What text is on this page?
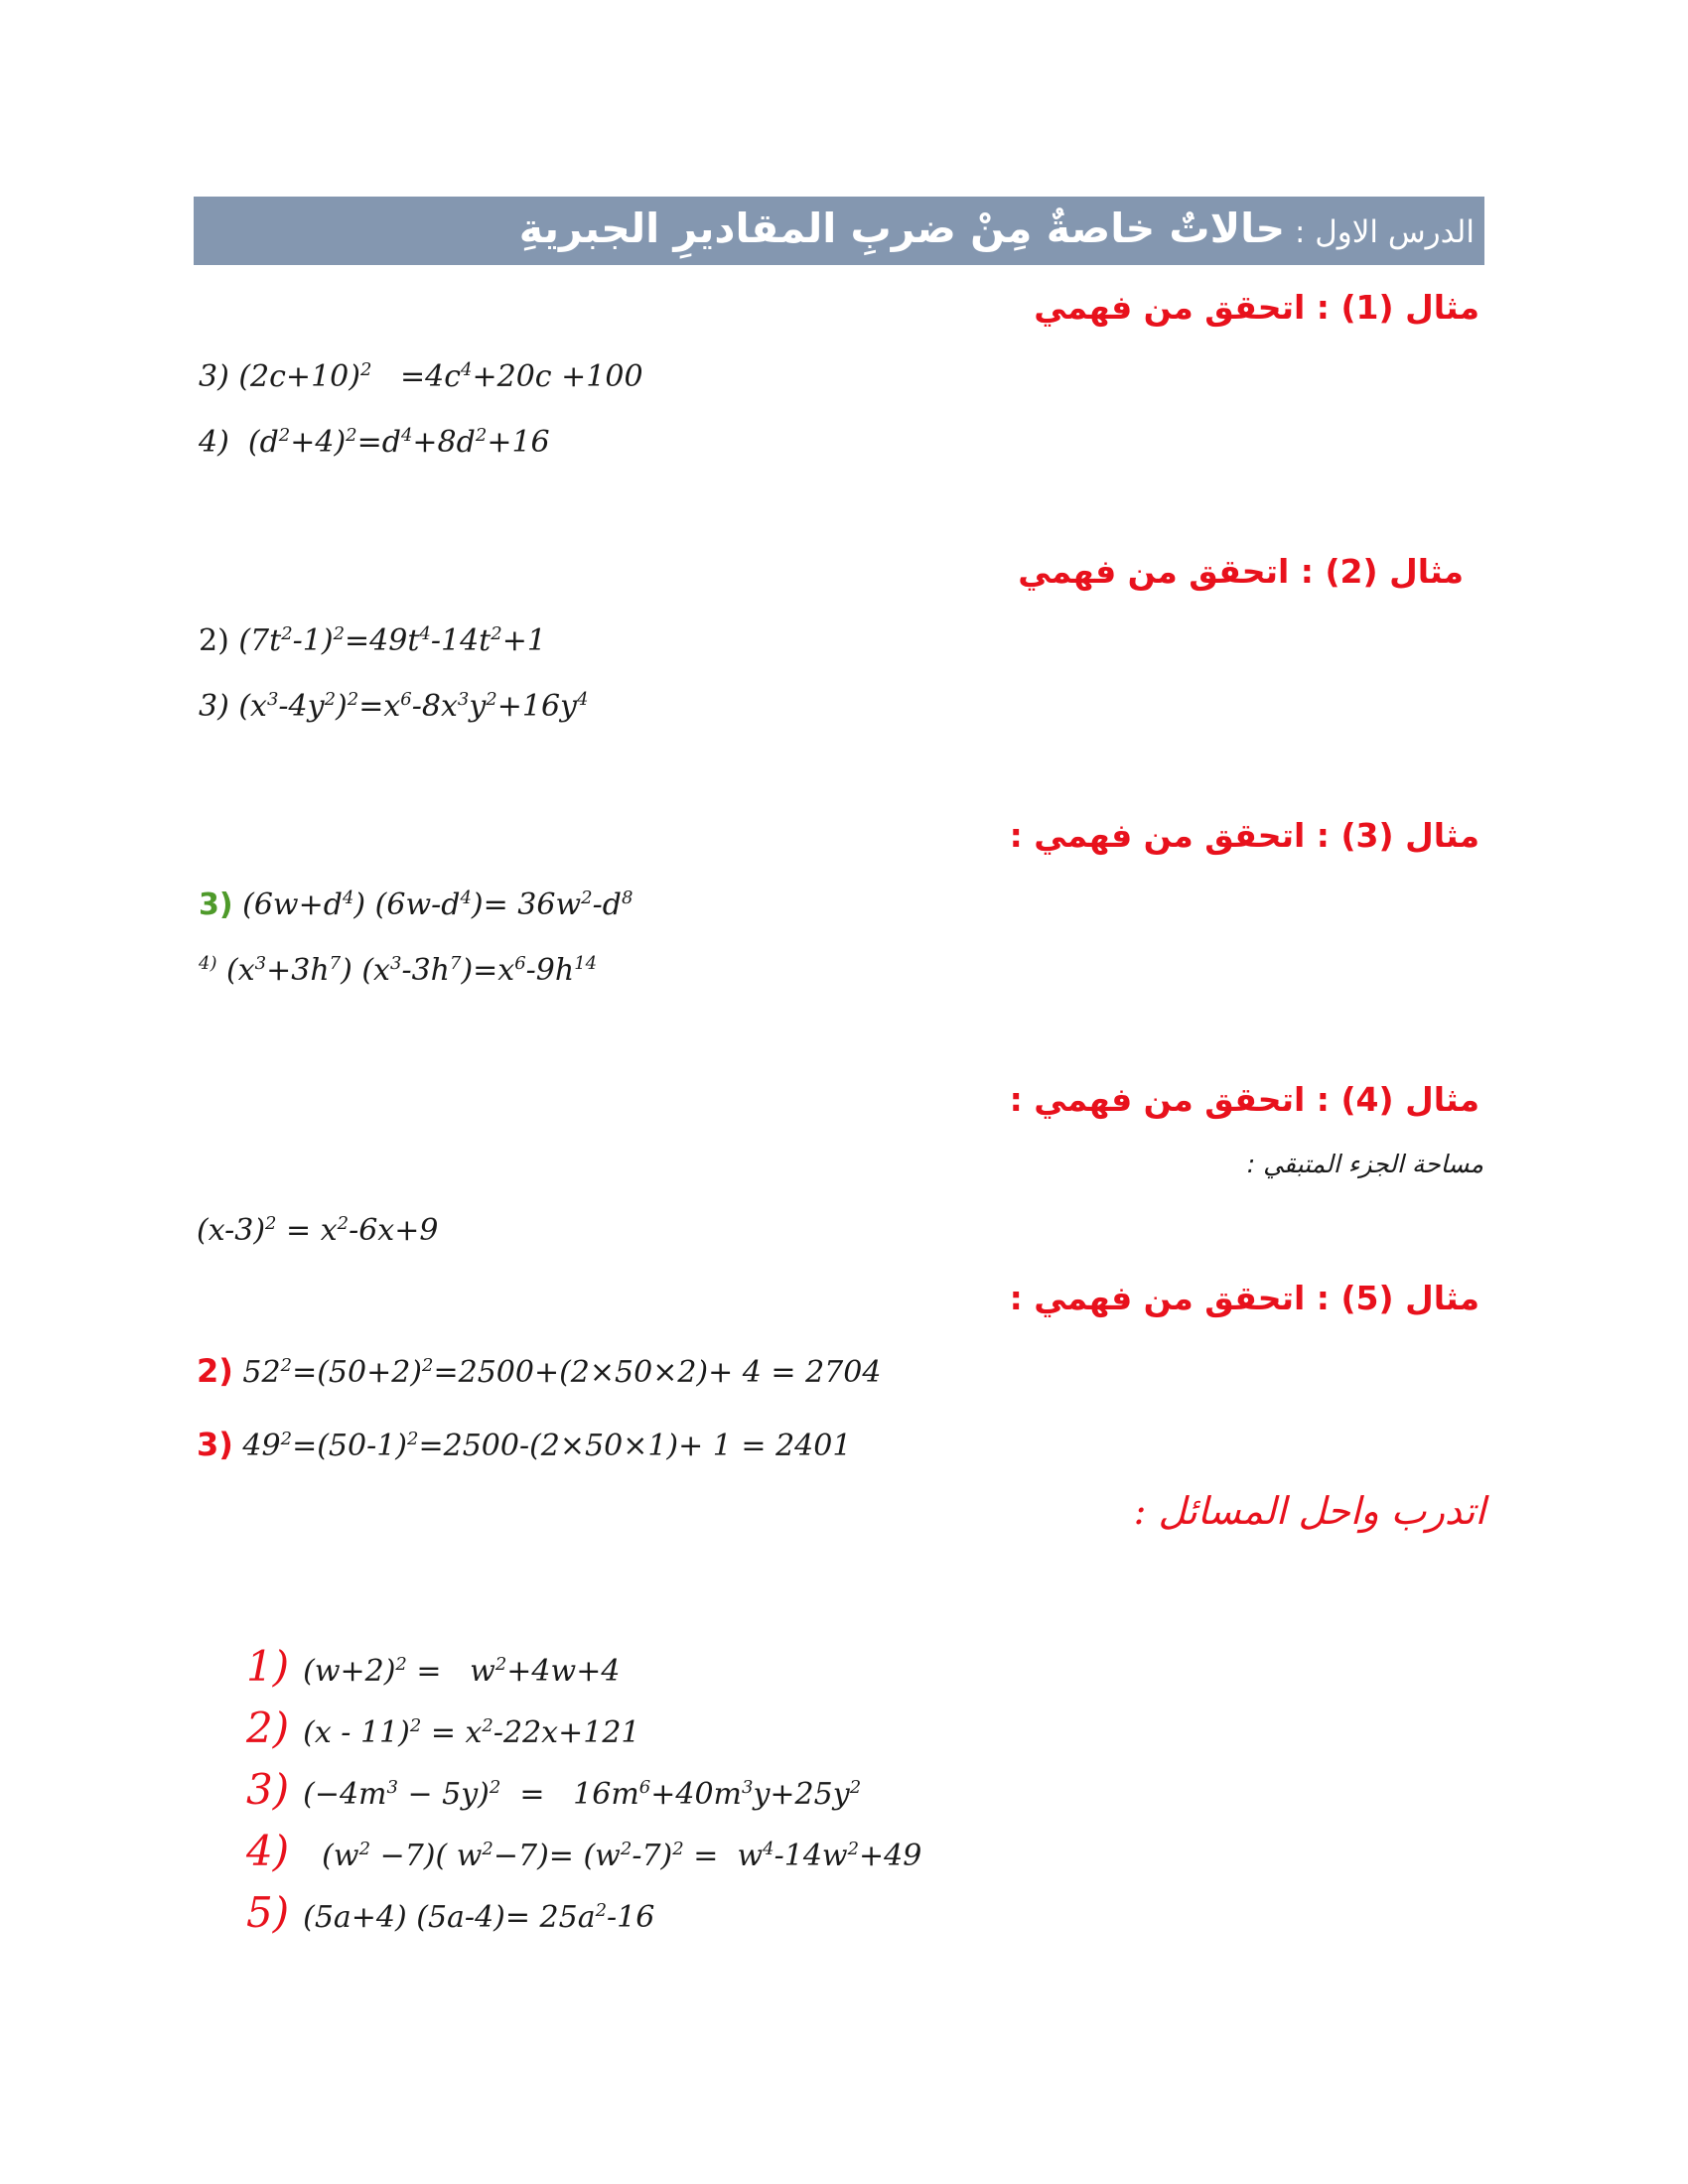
الدرس الاول:حالاتٌ خاصةٌ مِنْ ضربِ المقاديرِ الجبريةِ
مثال (1) : اتحقق من فهمي
3) $(2c+10)^2 =4c^4+20c +100$
4)  $(d^2+4)^2=d^4+8d^2+16$
مثال (2) : اتحقق من فهمي
2) $(7t^2-1)^2=49t^4-14t^2+1$
3) $(x^3-4y^2)^2=x^6-8x^3y^2+16y^4$
مثال (3) : اتحقق من فهمي :
3) $(6w+d^4)$ $(6w-d^4)= 36w^2-d^8$
$^{4)}$ $(x^3+3h^7)$ $(x^3-3h^7)=x^6-9h^{14}$
مثال (4) : اتحقق من فهمي :
مساحة الجزء المتبقي :
$(x-3)^2 = x^2-6x+9$
مثال (5) : اتحقق من فهمي :
2) $52^2=(50+2)^2=2500+(2\times 50\times 2)+ 4 = 2704$
3) $49^2=(50-1)^2=2500-(2\times 50\times 1)+ 1 = 2401$
اتدرب واحل المسائل :
1) $(w+2)^2 = w^2+4w+4$
2) $(x - 11)^2 = x^2-22x+121$
3) $(-4m^3 - 5y)^2 = 16m^6+40m^3y+25y^2$
4)  $(w^2 -7)$( $w^2-7)= (w^2-7)^2 = w^4-14w^2+49$
5) (5a+4) $(5a-4)= 25a^2-16$
